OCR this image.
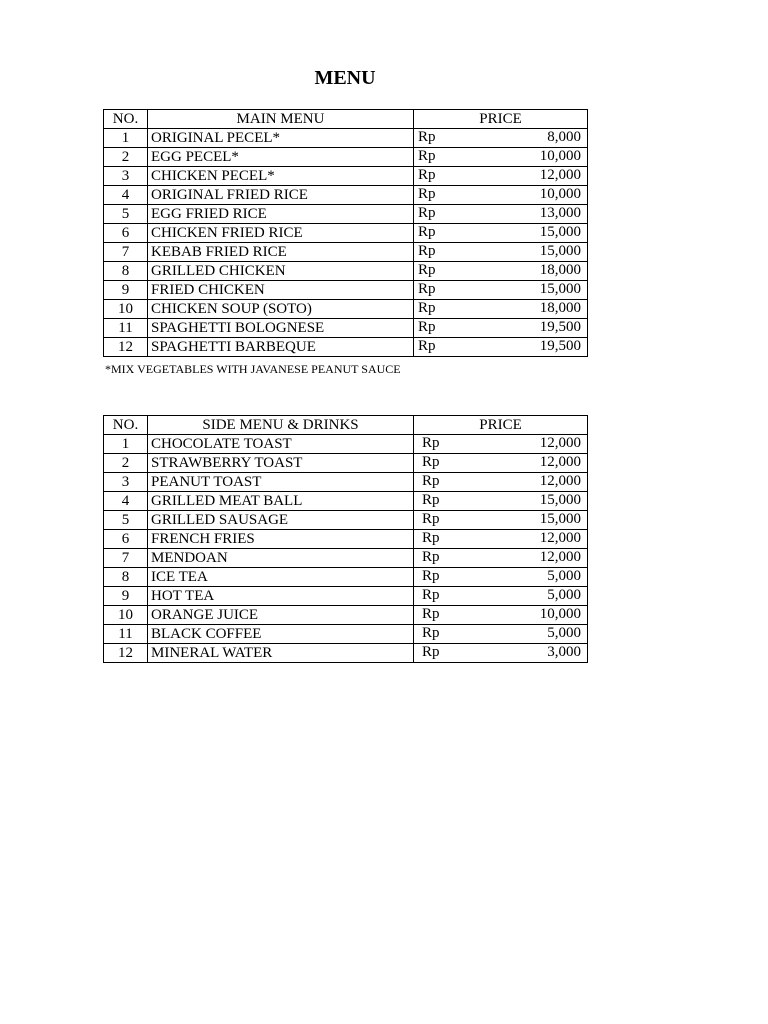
MENU
NO.	MAIN MENU	PRICE
1	ORIGINAL PECEL*	Rp 8,000

2	EGG PECEL*	Rp 10,000

3	CHICKEN PECEL*	Rp 12,000

4	ORIGINAL FRIED RICE	Rp 10,000

5	EGG FRIED RICE	Rp 13,000

6	CHICKEN FRIED RICE	Rp 15,000

7	KEBAB FRIED RICE	Rp 15,000

8	GRILLED CHICKEN	Rp 18,000

9	FRIED CHICKEN	Rp 15,000

10	CHICKEN SOUP (SOTO)	Rp 18,000

11	SPAGHETTI BOLOGNESE	Rp 19,500

12	SPAGHETTI BARBEQUE	Rp 19,500
*MIX VEGETABLES WITH JAVANESE PEANUT SAUCE
NO.	SIDE MENU & DRINKS	PRICE
1	CHOCOLATE TOAST	Rp 12,000

2	STRAWBERRY TOAST	Rp 12,000

3	PEANUT TOAST	Rp 12,000

4	GRILLED MEAT BALL	Rp 15,000

5	GRILLED SAUSAGE	Rp 15,000

6	FRENCH FRIES	Rp 12,000

7	MENDOAN	Rp 12,000

8	ICE TEA	Rp 5,000

9	HOT TEA	Rp 5,000

10	ORANGE JUICE	Rp 10,000

11	BLACK COFFEE	Rp 5,000

12	MINERAL WATER	Rp 3,000
